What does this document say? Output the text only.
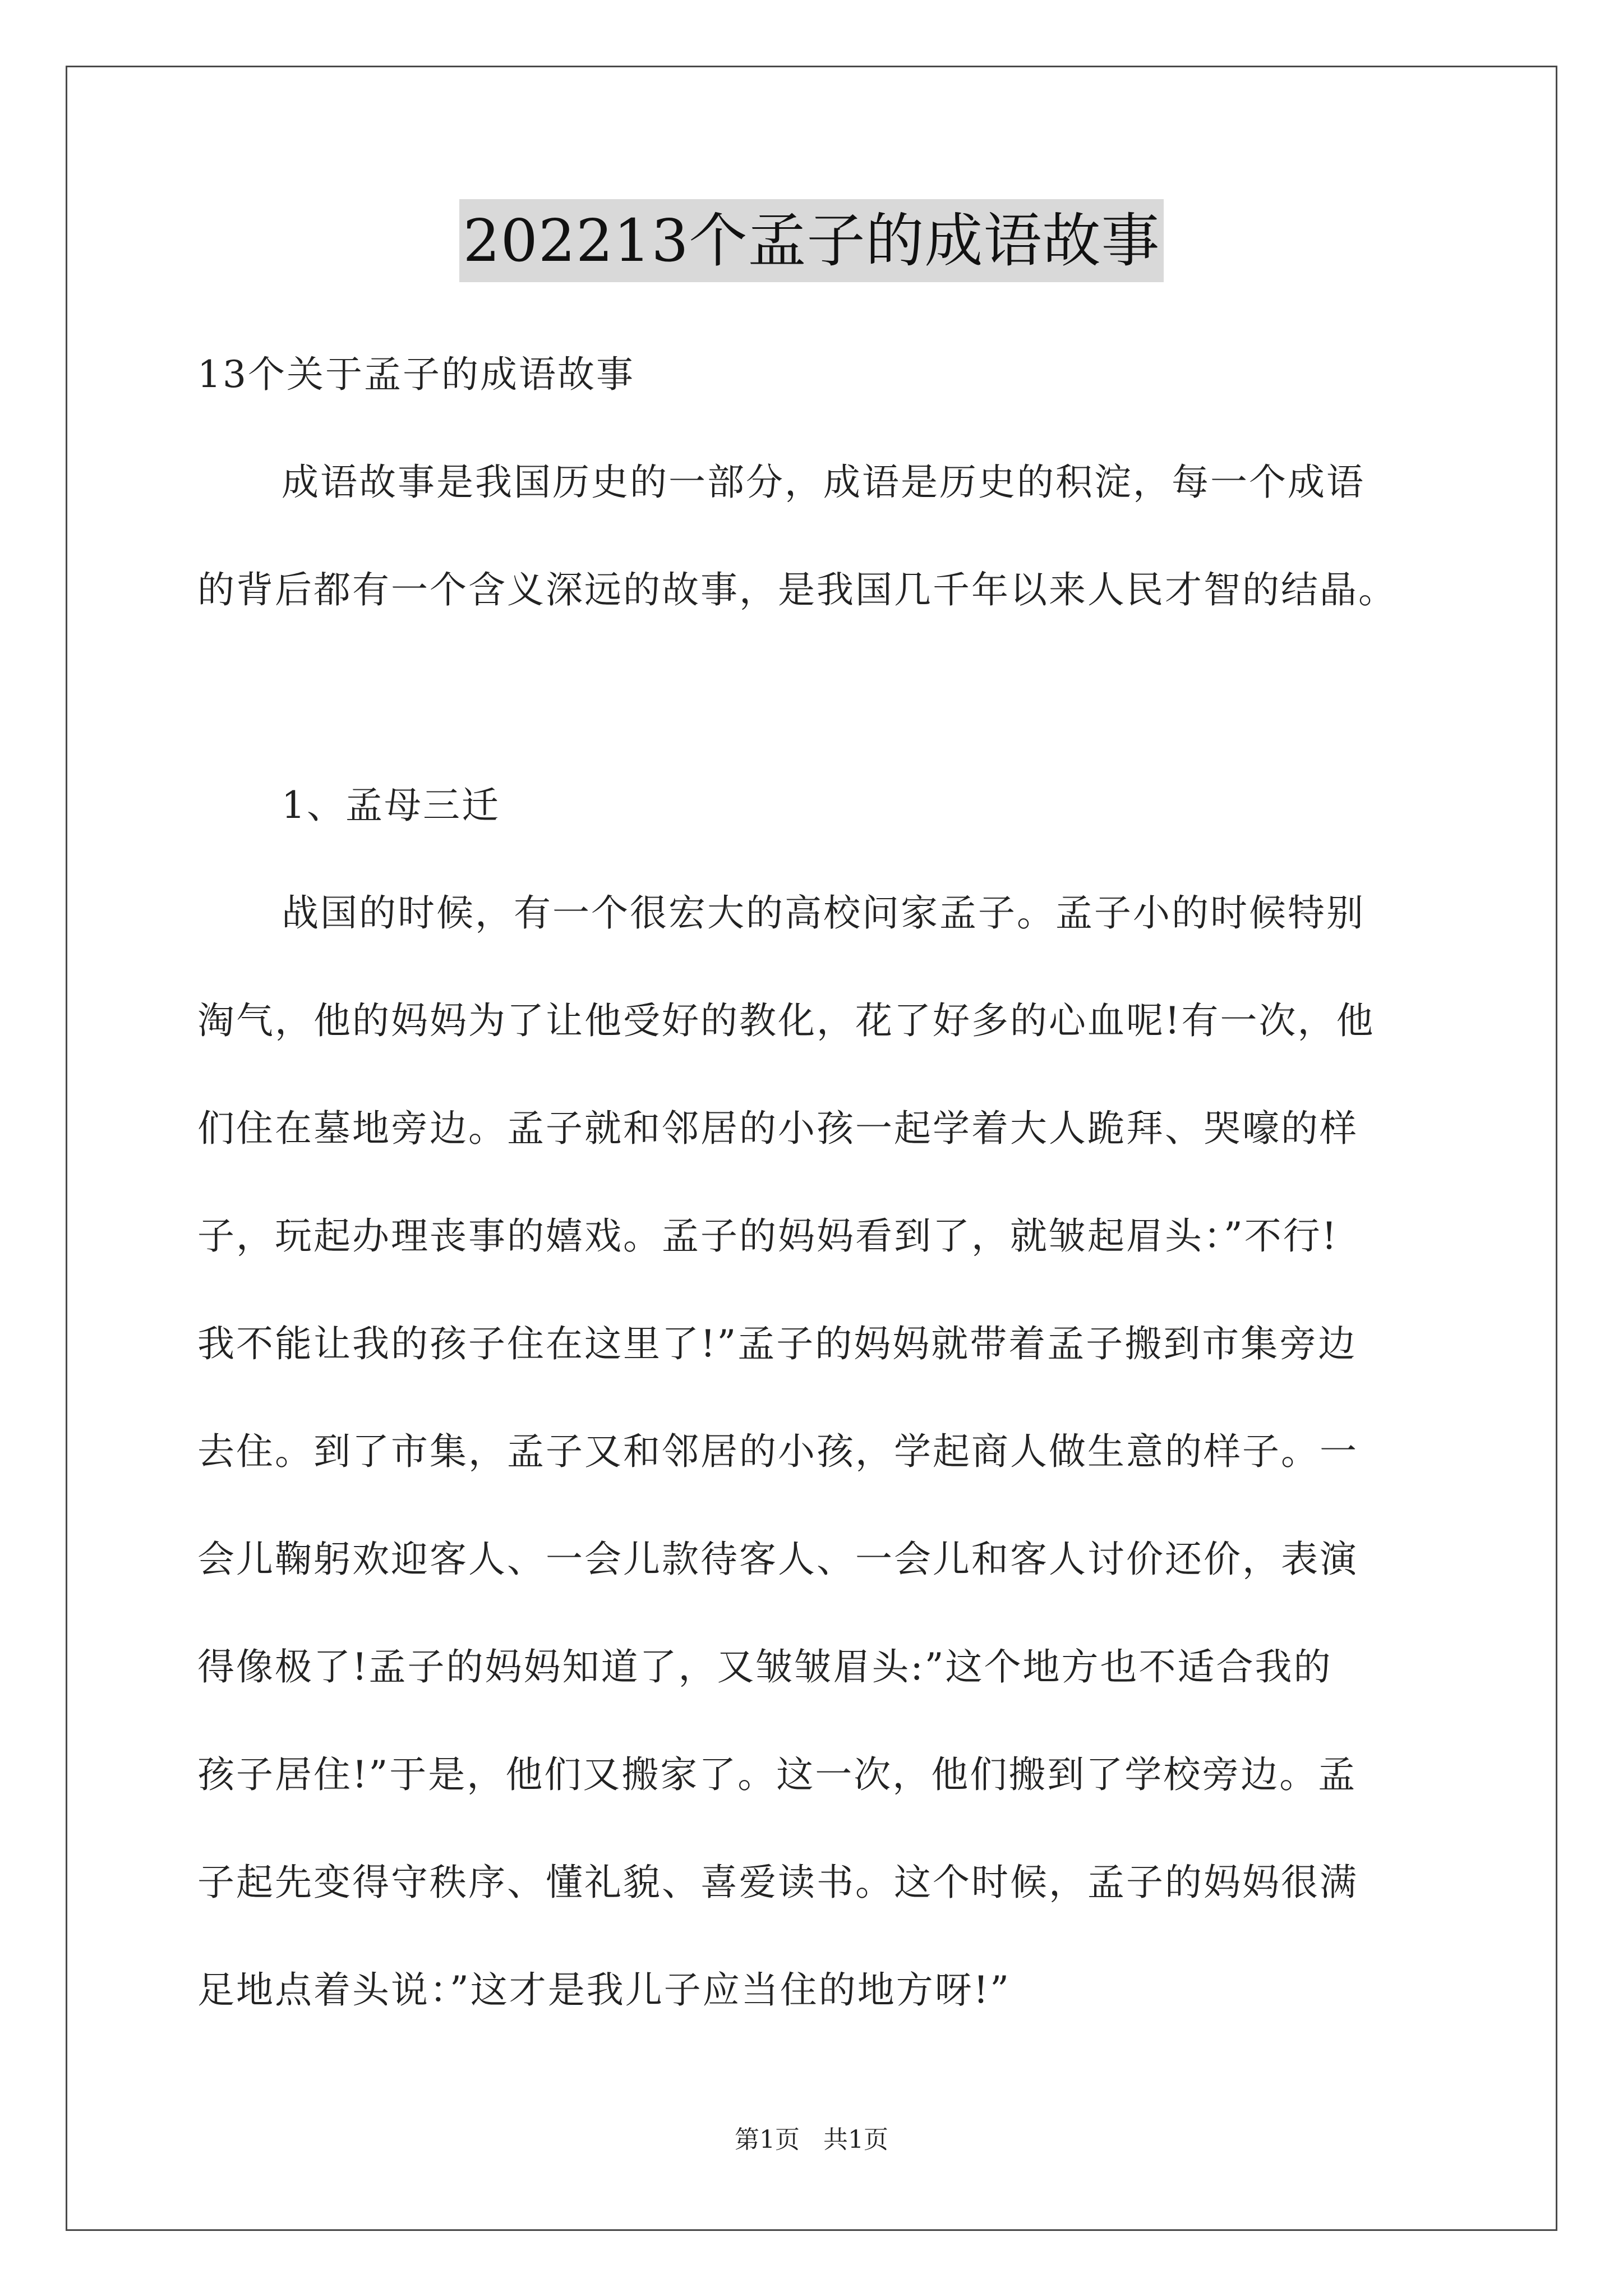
202213个孟子的成语故事
13个关于孟子的成语故事
成语故事是我国历史的一部分，成语是历史的积淀，每一个成语
的背后都有一个含义深远的故事，是我国几千年以来人民才智的结晶。
1、孟母三迁
战国的时候，有一个很宏大的高校问家孟子。孟子小的时候特别
淘气，他的妈妈为了让他受好的教化，花了好多的心血呢!有一次，他
们住在墓地旁边。孟子就和邻居的小孩一起学着大人跪拜、哭嚎的样
子，玩起办理丧事的嬉戏。孟子的妈妈看到了，就皱起眉头：”不行!
我不能让我的孩子住在这里了!”孟子的妈妈就带着孟子搬到市集旁边
去住。到了市集，孟子又和邻居的小孩，学起商人做生意的样子。一
会儿鞠躬欢迎客人、一会儿款待客人、一会儿和客人讨价还价，表演
得像极了!孟子的妈妈知道了，又皱皱眉头:”这个地方也不适合我的
孩子居住!”于是，他们又搬家了。这一次，他们搬到了学校旁边。孟
子起先变得守秩序、懂礼貌、喜爱读书。这个时候，孟子的妈妈很满
足地点着头说：”这才是我儿子应当住的地方呀!”
第1页   共1页
